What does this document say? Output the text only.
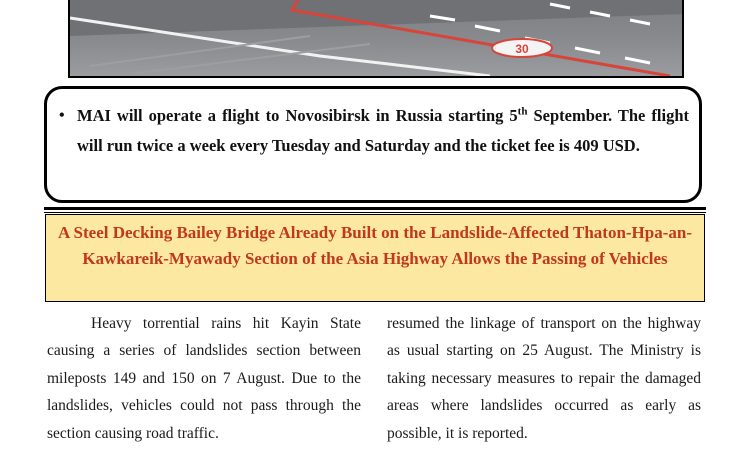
30
• MAI will operate a flight to Novosibirsk in Russia starting 5th September. The flight will run twice a week every Tuesday and Saturday and the ticket fee is 409 USD.
A Steel Decking Bailey Bridge Already Built on the Landslide-Affected Thaton-Hpa-an-Kawkareik-Myawady Section of the Asia Highway Allows the Passing of Vehicles
Heavy torrential rains hit Kayin State causing a series of landslides section between mileposts 149 and 150 on 7 August. Due to the landslides, vehicles could not pass through the section causing road traffic.
resumed the linkage of transport on the highway as usual starting on 25 August. The Ministry is taking necessary measures to repair the damaged areas where landslides occurred as early as possible, it is reported.
